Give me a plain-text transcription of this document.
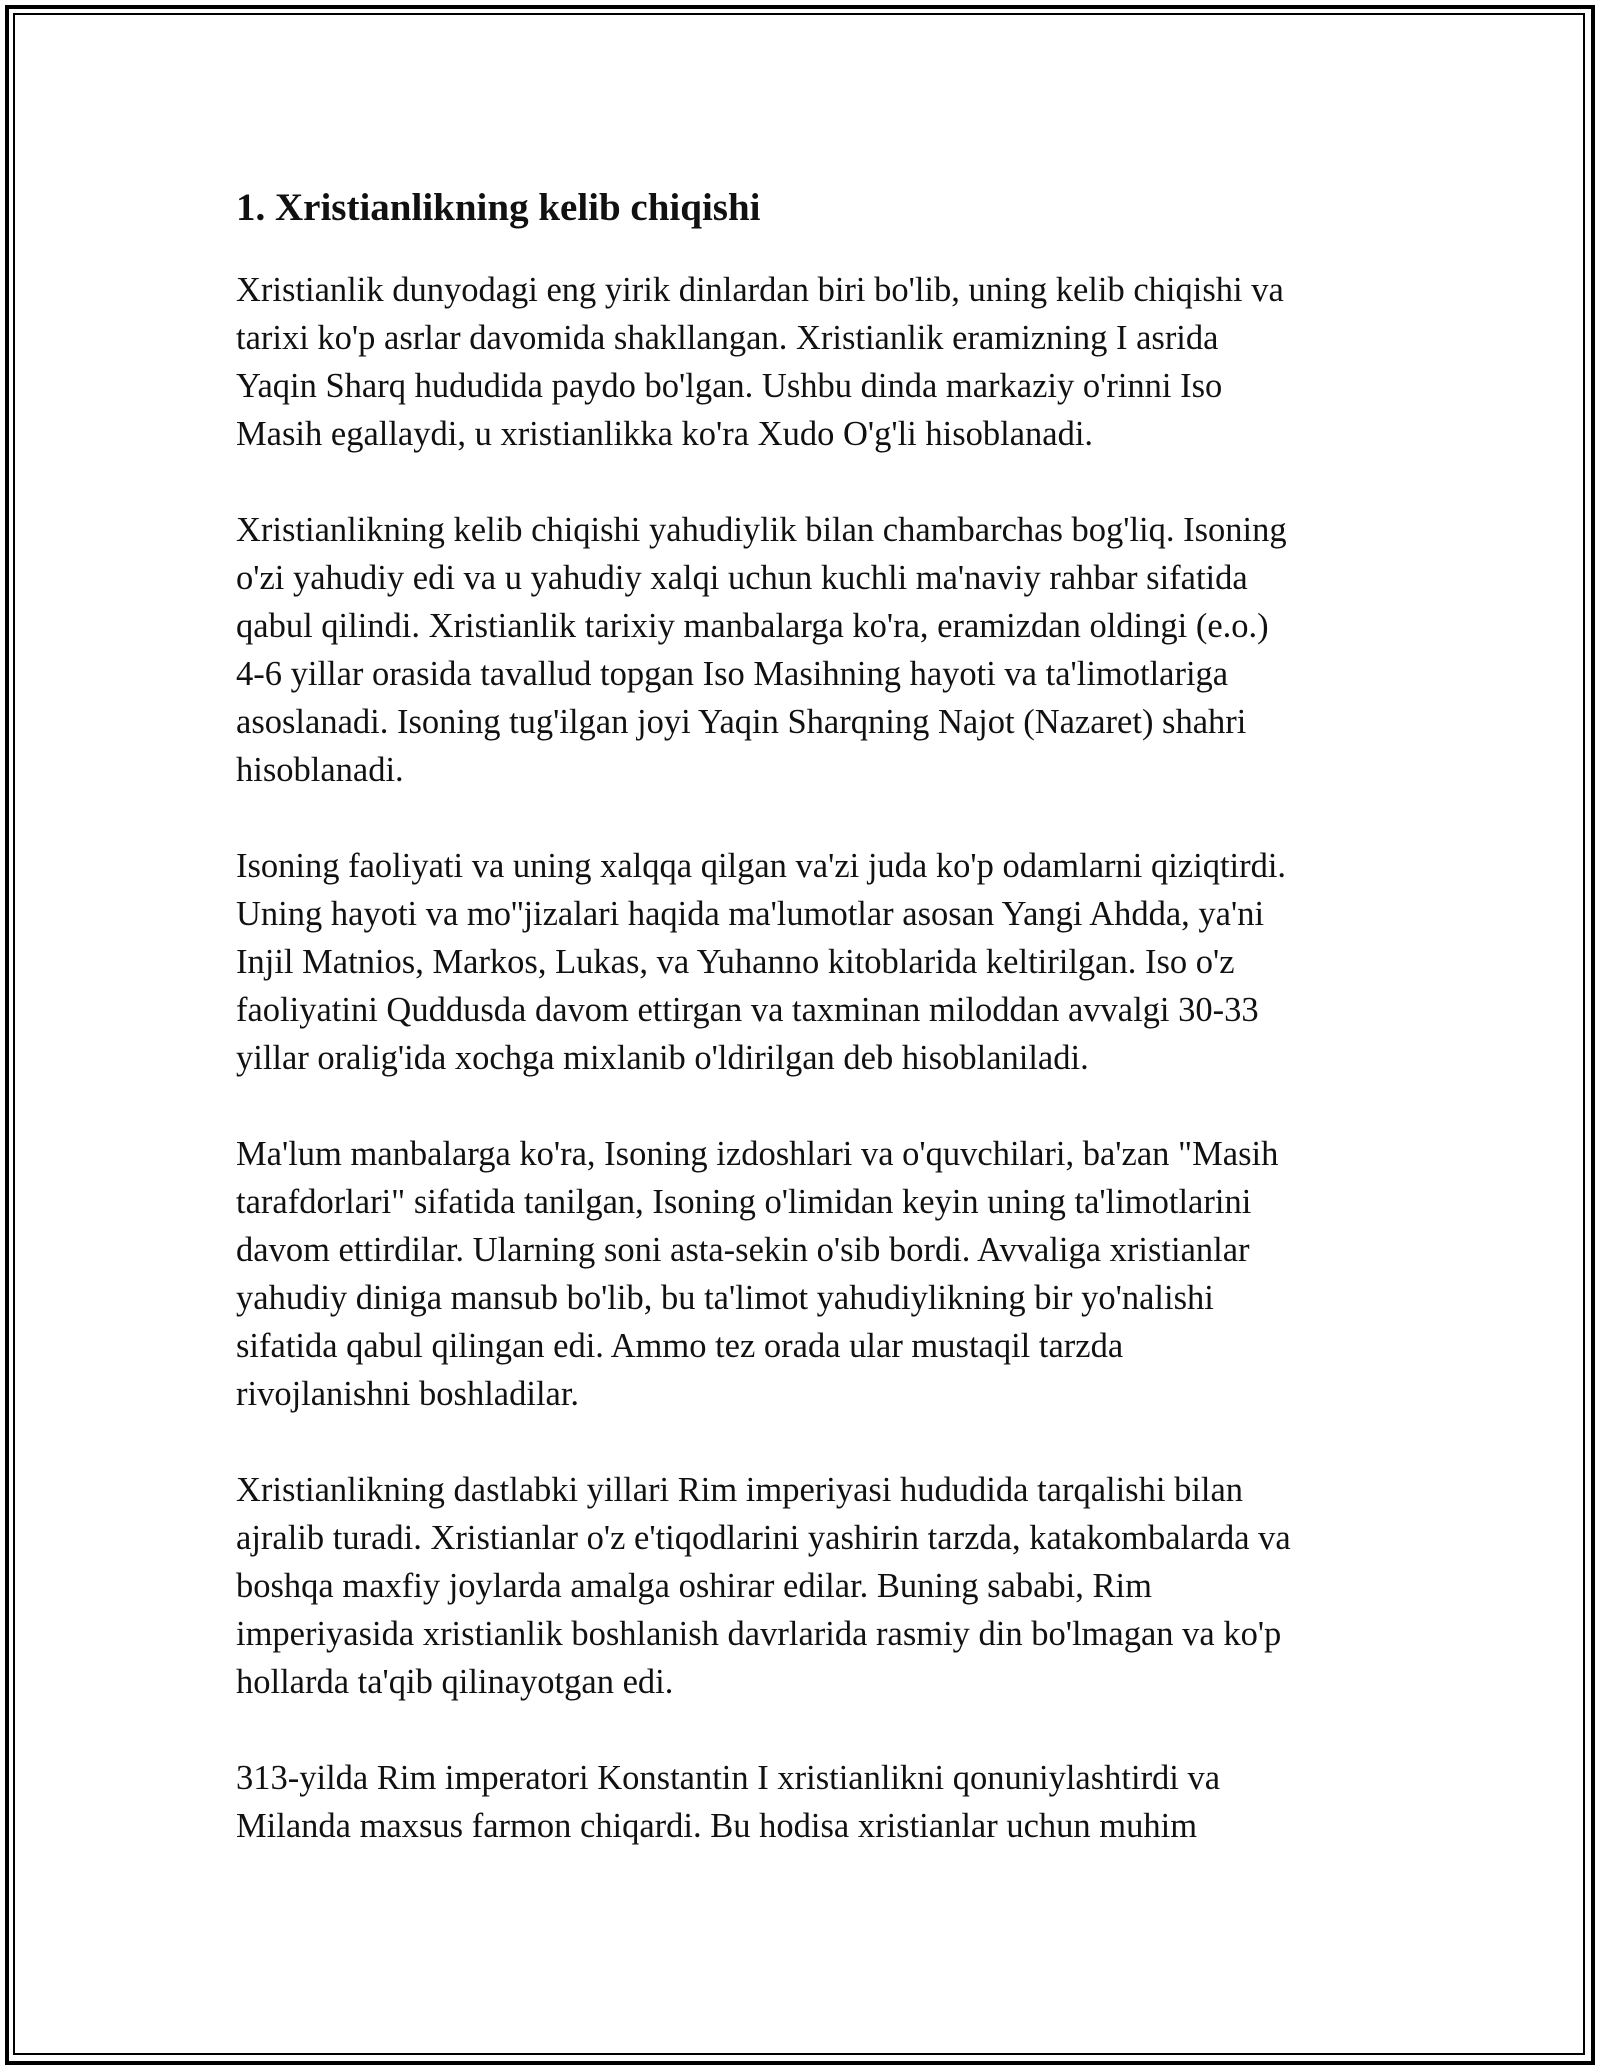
1. Xristianlikning kelib chiqishi

Xristianlik dunyodagi eng yirik dinlardan biri bo'lib, uning kelib chiqishi va
tarixi ko'p asrlar davomida shakllangan. Xristianlik eramizning I asrida
Yaqin Sharq hududida paydo bo'lgan. Ushbu dinda markaziy o'rinni Iso
Masih egallaydi, u xristianlikka ko'ra Xudo O'g'li hisoblanadi.

Xristianlikning kelib chiqishi yahudiylik bilan chambarchas bog'liq. Isoning
o'zi yahudiy edi va u yahudiy xalqi uchun kuchli ma'naviy rahbar sifatida
qabul qilindi. Xristianlik tarixiy manbalarga ko'ra, eramizdan oldingi (e.o.)
4-6 yillar orasida tavallud topgan Iso Masihning hayoti va ta'limotlariga
asoslanadi. Isoning tug'ilgan joyi Yaqin Sharqning Najot (Nazaret) shahri
hisoblanadi.

Isoning faoliyati va uning xalqqa qilgan va'zi juda ko'p odamlarni qiziqtirdi.
Uning hayoti va mo''jizalari haqida ma'lumotlar asosan Yangi Ahdda, ya'ni
Injil Matnios, Markos, Lukas, va Yuhanno kitoblarida keltirilgan. Iso o'z
faoliyatini Quddusda davom ettirgan va taxminan miloddan avvalgi 30-33
yillar oralig'ida xochga mixlanib o'ldirilgan deb hisoblaniladi.

Ma'lum manbalarga ko'ra, Isoning izdoshlari va o'quvchilari, ba'zan "Masih
tarafdorlari" sifatida tanilgan, Isoning o'limidan keyin uning ta'limotlarini
davom ettirdilar. Ularning soni asta-sekin o'sib bordi. Avvaliga xristianlar
yahudiy diniga mansub bo'lib, bu ta'limot yahudiylikning bir yo'nalishi
sifatida qabul qilingan edi. Ammo tez orada ular mustaqil tarzda
rivojlanishni boshladilar.

Xristianlikning dastlabki yillari Rim imperiyasi hududida tarqalishi bilan
ajralib turadi. Xristianlar o'z e'tiqodlarini yashirin tarzda, katakombalarda va
boshqa maxfiy joylarda amalga oshirar edilar. Buning sababi, Rim
imperiyasida xristianlik boshlanish davrlarida rasmiy din bo'lmagan va ko'p
hollarda ta'qib qilinayotgan edi.

313-yilda Rim imperatori Konstantin I xristianlikni qonuniylashtirdi va
Milanda maxsus farmon chiqardi. Bu hodisa xristianlar uchun muhim
